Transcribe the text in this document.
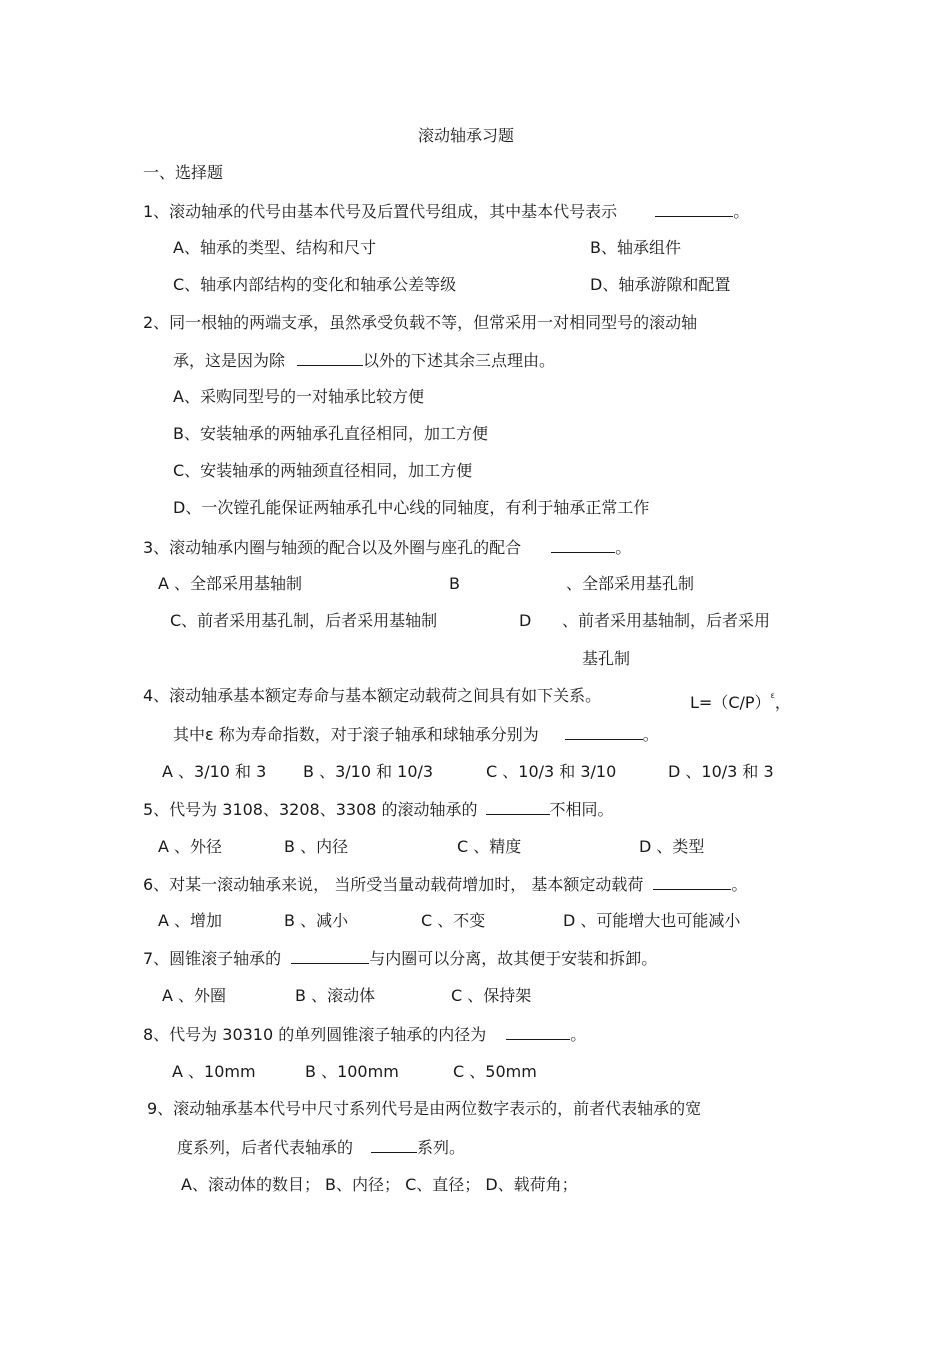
滚动轴承习题
一、选择题
1、滚动轴承的代号由基本代号及后置代号组成，其中基本代号表示	。
A、轴承的类型、结构和尺寸	B、轴承组件
C、轴承内部结构的变化和轴承公差等级	D、轴承游隙和配置
2、同一根轴的两端支承，虽然承受负载不等，但常采用一对相同型号的滚动轴
承，这是因为除	以外的下述其余三点理由。
A、采购同型号的一对轴承比较方便
B、安装轴承的两轴承孔直径相同，加工方便
C、安装轴承的两轴颈直径相同，加工方便
D、一次镗孔能保证两轴承孔中心线的同轴度，有利于轴承正常工作
3、滚动轴承内圈与轴颈的配合以及外圈与座孔的配合	。
A 、全部采用基轴制	B	、全部采用基孔制
C、前者采用基孔制，后者采用基轴制	D 、前者采用基轴制，后者采用
基孔制
4、滚动轴承基本额定寿命与基本额定动载荷之间具有如下关系。	$L=(C/P)^\varepsilon$，
其中ε 称为寿命指数，对于滚子轴承和球轴承分别为	。
A 、3/10 和 3 B 、3/10 和 10/3	C 、10/3 和 3/10	D 、10/3 和 3
5、代号为 3108、3208、3308 的滚动轴承的	不相同。
A 、外径	B 、内径	C 、精度	D 、类型
6、对某一滚动轴承来说， 当所受当量动载荷增加时， 基本额定动载荷	。
A 、增加	B 、减小	C 、不变	D 、可能增大也可能减小
7、圆锥滚子轴承的	与内圈可以分离，故其便于安装和拆卸。
A 、外圈	B 、滚动体	C 、保持架
8、代号为 30310 的单列圆锥滚子轴承的内径为	。
A 、10mm	B 、100mm	C 、50mm
9、滚动轴承基本代号中尺寸系列代号是由两位数字表示的，前者代表轴承的宽
度系列，后者代表轴承的	系列。
A、滚动体的数目； B、内径； C、直径； D、载荷角；
